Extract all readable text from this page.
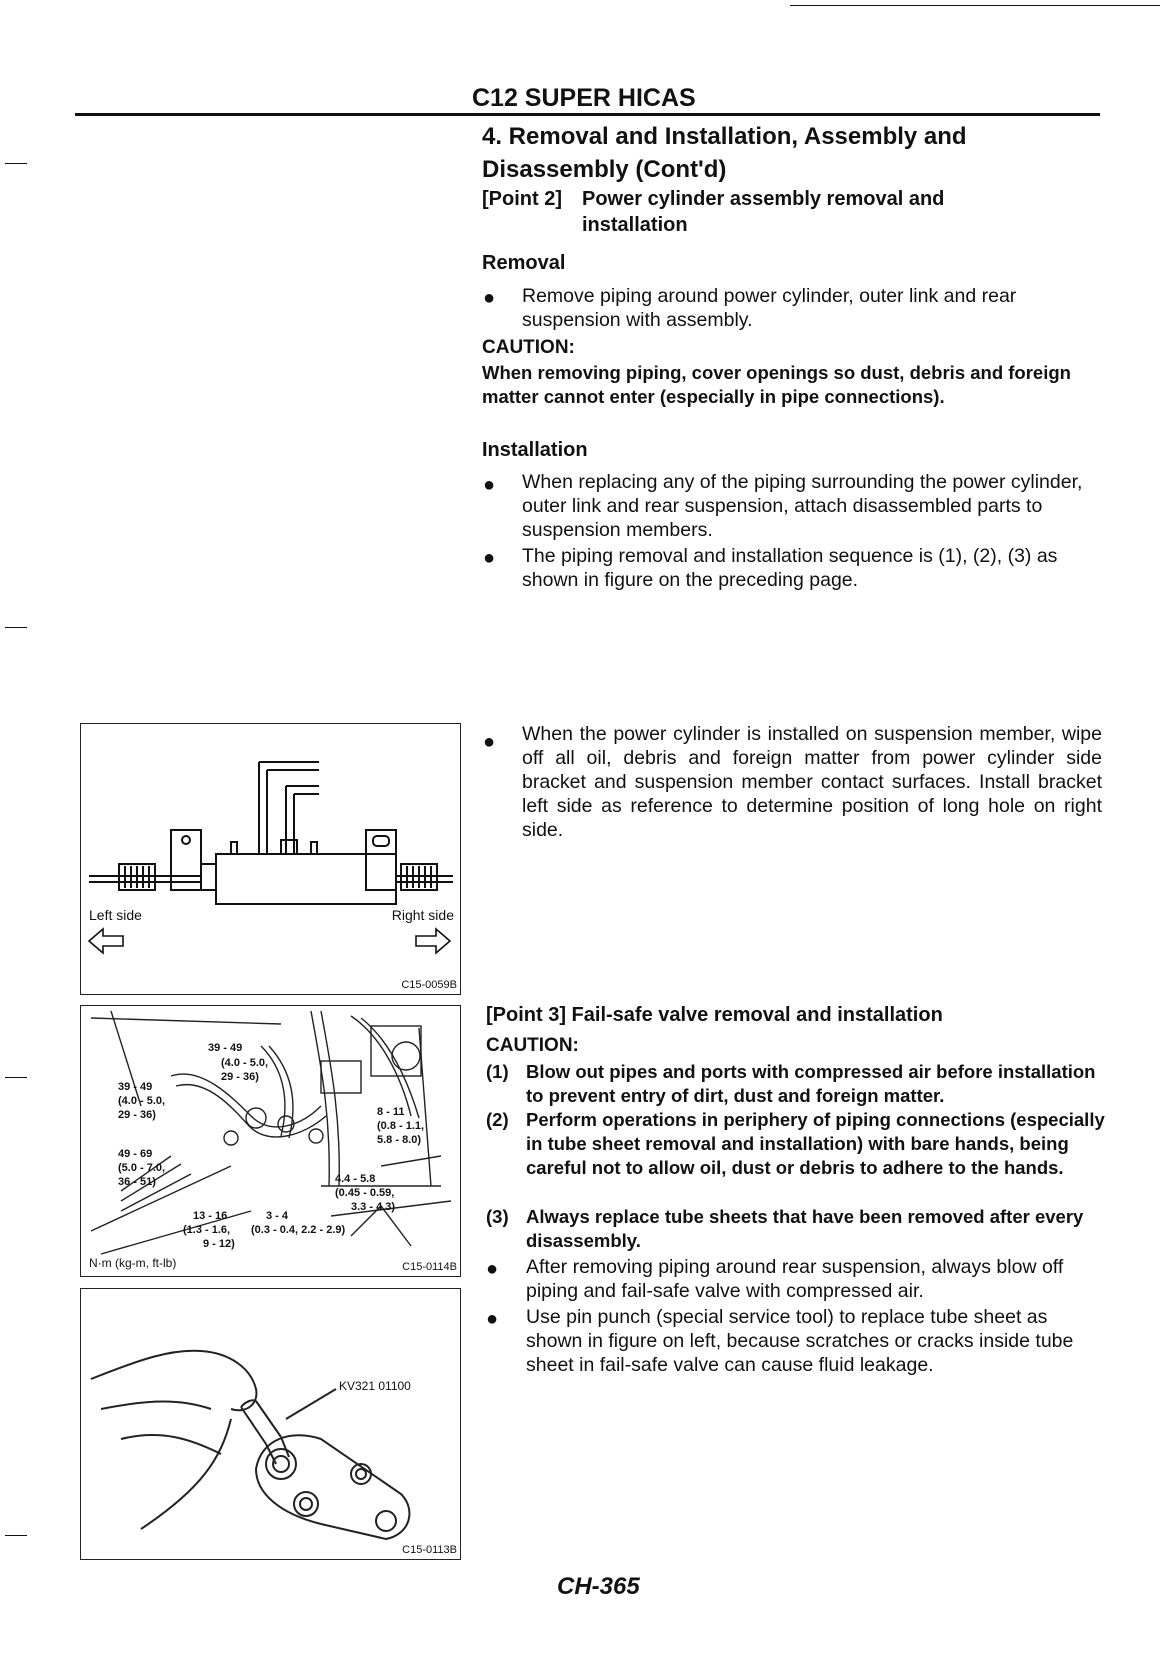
C12 SUPER HICAS
4. Removal and Installation, Assembly and Disassembly (Cont'd)
[Point 2] Power cylinder assembly removal and
installation
Removal
● Remove piping around power cylinder, outer link and rear suspension with assembly.
CAUTION:
When removing piping, cover openings so dust, debris and foreign matter cannot enter (especially in pipe connections).
Installation
● When replacing any of the piping surrounding the power cylinder, outer link and rear suspension, attach disassembled parts to suspension members.
● The piping removal and installation sequence is (1), (2), (3) as shown in figure on the preceding page.
● When the power cylinder is installed on suspension member, wipe off all oil, debris and foreign matter from power cylinder side bracket and suspension member contact surfaces. Install bracket left side as reference to determine position of long hole on right side.
Left side	Right side
C15-0059B
39 - 49
(4.0 - 5.0,
29 - 36)
39 - 49
(4.0 - 5.0,
29 - 36)
49 - 69
(5.0 - 7.0,
36 - 51)
8 - 11
(0.8 - 1.1,
5.8 - 8.0)
4.4 - 5.8
(0.45 - 0.59,
3.3 - 4.3)
13 - 16
(1.3 - 1.6,
9 - 12)
3 - 4
(0.3 - 0.4, 2.2 - 2.9)
N·m (kg-m, ft-lb)	C15-0114B
KV321 01100
C15-0113B
[Point 3] Fail-safe valve removal and installation
CAUTION:
(1) Blow out pipes and ports with compressed air before installation to prevent entry of dirt, dust and foreign matter.
(2) Perform operations in periphery of piping connections (especially in tube sheet removal and installation) with bare hands, being careful not to allow oil, dust or debris to adhere to the hands.
(3) Always replace tube sheets that have been removed after every disassembly.
● After removing piping around rear suspension, always blow off piping and fail-safe valve with compressed air.
● Use pin punch (special service tool) to replace tube sheet as shown in figure on left, because scratches or cracks inside tube sheet in fail-safe valve can cause fluid leakage.
CH-365
